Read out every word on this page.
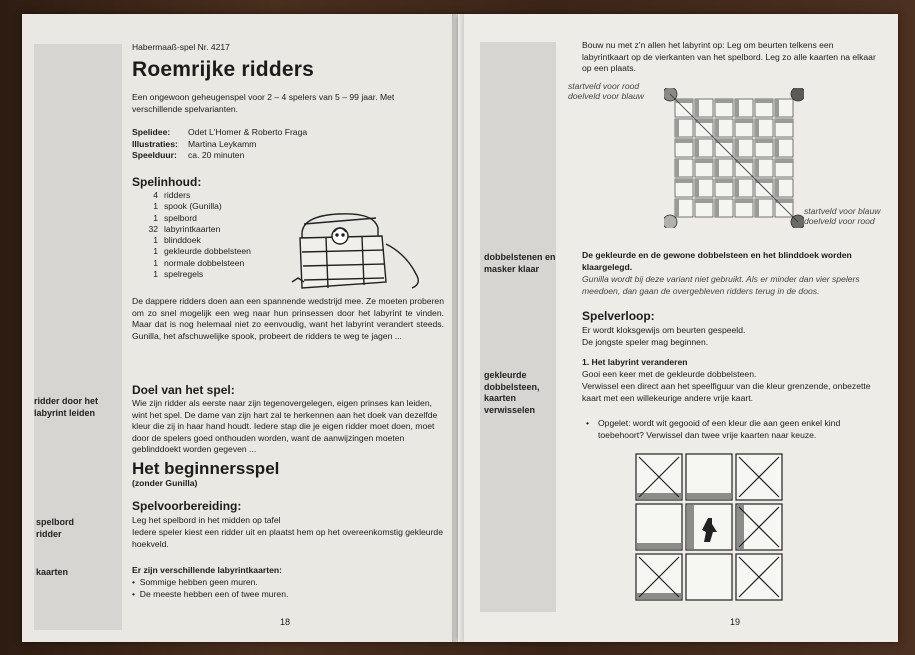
Habermaaß-spel Nr. 4217

Roemrijke ridders

Een ongewoon geheugenspel voor 2 – 4 spelers van 5 – 99 jaar. Met verschillende spelvarianten.

Spelidee:	Odet L'Homer & Roberto Fraga
Illustraties:	Martina Leykamm
Speelduur:	ca. 20 minuten

Spelinhoud:

4 ridders
1 spook (Gunilla)
1 spelbord
32 labyrintkaarten
1 blinddoek
1 gekleurde dobbelsteen
1 normale dobbelsteen
1 spelregels

De dappere ridders doen aan een spannende wedstrijd mee. Ze moeten proberen om zo snel mogelijk een weg naar hun prinsessen door het labyrint te vinden. Maar dat is nog helemaal niet zo eenvoudig, want het labyrint verandert steeds. Gunilla, het afschuwelijke spook, probeert de ridders te weg te jagen ...

Doel van het spel:

ridder door het labyrint leiden

Wie zijn ridder als eerste naar zijn tegenovergelegen, eigen prinses kan leiden, wint het spel. De dame van zijn hart zal te herkennen aan het doek van dezelfde kleur die zij in haar hand houdt. Iedere stap die je eigen ridder moet doen, moet door de spelers goed onthouden worden, want de aanwijzingen moeten geblinddoekt worden gegeven ...

Het beginnersspel

(zonder Gunilla)

Spelvoorbereiding:

spelbord

ridder

Leg het spelbord in het midden op tafel

Iedere speler kiest een ridder uit en plaatst hem op het overeenkomstig gekleurde hoekveld.

kaarten	Er zijn verschillende labyrintkaarten:

•  Sommige hebben geen muren.

•  De meeste hebben een of twee muren.

18

Bouw nu met z'n allen het labyrint op: Leg om beurten telkens een labyrintkaart op de vierkanten van het spelbord. Leg zo alle kaarten na elkaar op een plaats.

startveld voor rood

doelveld voor blauw

startveld voor blauw

doelveld voor rood

dobbelstenen en masker klaar

De gekleurde en de gewone dobbelsteen en het blinddoek worden klaargelegd.

Gunilla wordt bij deze variant niet gebruikt. Als er minder dan vier spelers meedoen, dan gaan de overgebleven ridders terug in de doos.

Spelverloop:

Er wordt kloksgewijs om beurten gespeeld.

De jongste speler mag beginnen.

1. Het labyrint veranderen

gekleurde dobbelsteen, kaarten verwisselen

Gooi een keer met de gekleurde dobbelsteen.

Verwissel een direct aan het speelfiguur van die kleur grenzende, onbezette kaart met een willekeurige andere vrije kaart.

• Opgelet: wordt wit gegooid of een kleur die aan geen enkel kind toebehoort? Verwissel dan twee vrije kaarten naar keuze.

19
